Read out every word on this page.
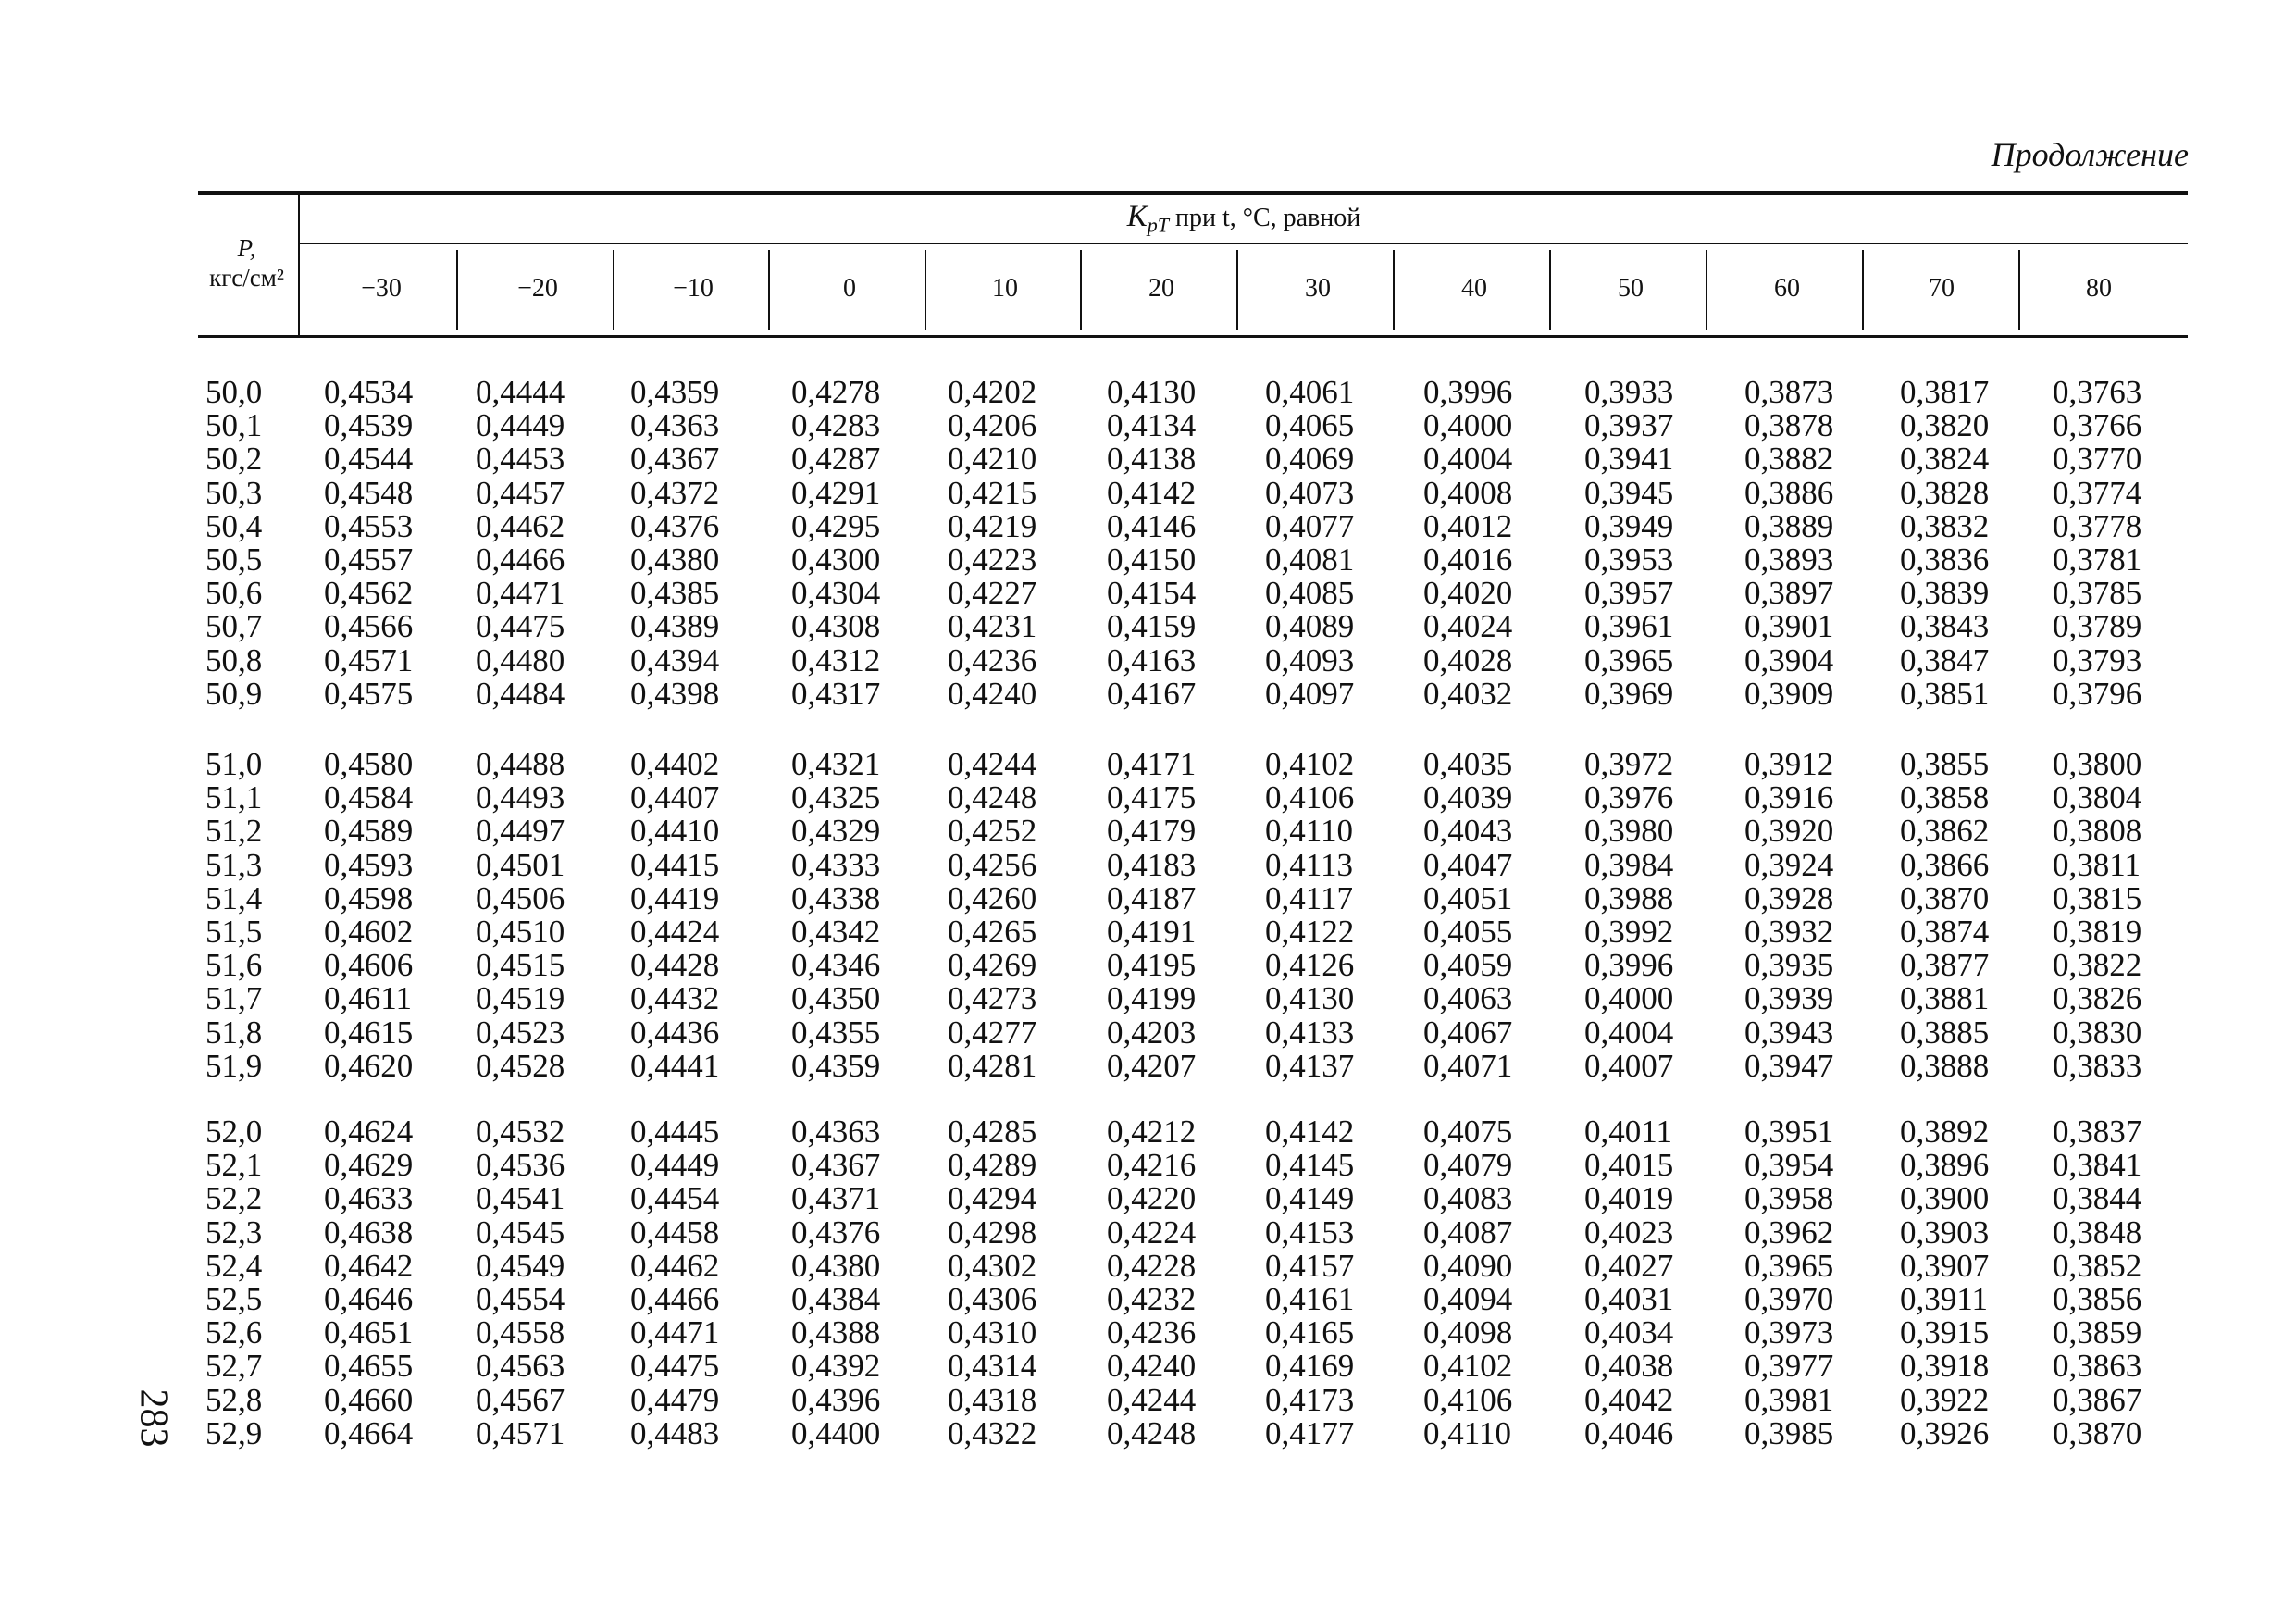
Продолжение
P,
кгс/см²
$K_{pT}$ при t, °C, равной
−30	−20	−10	0	10	20	30	40	50	60	70	80
50,0	0,4534	0,4444	0,4359	0,4278	0,4202	0,4130	0,4061	0,3996	0,3933	0,3873	0,3817	0,3763
50,1	0,4539	0,4449	0,4363	0,4283	0,4206	0,4134	0,4065	0,4000	0,3937	0,3878	0,3820	0,3766
50,2	0,4544	0,4453	0,4367	0,4287	0,4210	0,4138	0,4069	0,4004	0,3941	0,3882	0,3824	0,3770
50,3	0,4548	0,4457	0,4372	0,4291	0,4215	0,4142	0,4073	0,4008	0,3945	0,3886	0,3828	0,3774
50,4	0,4553	0,4462	0,4376	0,4295	0,4219	0,4146	0,4077	0,4012	0,3949	0,3889	0,3832	0,3778
50,5	0,4557	0,4466	0,4380	0,4300	0,4223	0,4150	0,4081	0,4016	0,3953	0,3893	0,3836	0,3781
50,6	0,4562	0,4471	0,4385	0,4304	0,4227	0,4154	0,4085	0,4020	0,3957	0,3897	0,3839	0,3785
50,7	0,4566	0,4475	0,4389	0,4308	0,4231	0,4159	0,4089	0,4024	0,3961	0,3901	0,3843	0,3789
50,8	0,4571	0,4480	0,4394	0,4312	0,4236	0,4163	0,4093	0,4028	0,3965	0,3904	0,3847	0,3793
50,9	0,4575	0,4484	0,4398	0,4317	0,4240	0,4167	0,4097	0,4032	0,3969	0,3909	0,3851	0,3796
51,0	0,4580	0,4488	0,4402	0,4321	0,4244	0,4171	0,4102	0,4035	0,3972	0,3912	0,3855	0,3800
51,1	0,4584	0,4493	0,4407	0,4325	0,4248	0,4175	0,4106	0,4039	0,3976	0,3916	0,3858	0,3804
51,2	0,4589	0,4497	0,4410	0,4329	0,4252	0,4179	0,4110	0,4043	0,3980	0,3920	0,3862	0,3808
51,3	0,4593	0,4501	0,4415	0,4333	0,4256	0,4183	0,4113	0,4047	0,3984	0,3924	0,3866	0,3811
51,4	0,4598	0,4506	0,4419	0,4338	0,4260	0,4187	0,4117	0,4051	0,3988	0,3928	0,3870	0,3815
51,5	0,4602	0,4510	0,4424	0,4342	0,4265	0,4191	0,4122	0,4055	0,3992	0,3932	0,3874	0,3819
51,6	0,4606	0,4515	0,4428	0,4346	0,4269	0,4195	0,4126	0,4059	0,3996	0,3935	0,3877	0,3822
51,7	0,4611	0,4519	0,4432	0,4350	0,4273	0,4199	0,4130	0,4063	0,4000	0,3939	0,3881	0,3826
51,8	0,4615	0,4523	0,4436	0,4355	0,4277	0,4203	0,4133	0,4067	0,4004	0,3943	0,3885	0,3830
51,9	0,4620	0,4528	0,4441	0,4359	0,4281	0,4207	0,4137	0,4071	0,4007	0,3947	0,3888	0,3833
52,0	0,4624	0,4532	0,4445	0,4363	0,4285	0,4212	0,4142	0,4075	0,4011	0,3951	0,3892	0,3837
52,1	0,4629	0,4536	0,4449	0,4367	0,4289	0,4216	0,4145	0,4079	0,4015	0,3954	0,3896	0,3841
52,2	0,4633	0,4541	0,4454	0,4371	0,4294	0,4220	0,4149	0,4083	0,4019	0,3958	0,3900	0,3844
52,3	0,4638	0,4545	0,4458	0,4376	0,4298	0,4224	0,4153	0,4087	0,4023	0,3962	0,3903	0,3848
52,4	0,4642	0,4549	0,4462	0,4380	0,4302	0,4228	0,4157	0,4090	0,4027	0,3965	0,3907	0,3852
52,5	0,4646	0,4554	0,4466	0,4384	0,4306	0,4232	0,4161	0,4094	0,4031	0,3970	0,3911	0,3856
52,6	0,4651	0,4558	0,4471	0,4388	0,4310	0,4236	0,4165	0,4098	0,4034	0,3973	0,3915	0,3859
52,7	0,4655	0,4563	0,4475	0,4392	0,4314	0,4240	0,4169	0,4102	0,4038	0,3977	0,3918	0,3863
52,8	0,4660	0,4567	0,4479	0,4396	0,4318	0,4244	0,4173	0,4106	0,4042	0,3981	0,3922	0,3867
52,9	0,4664	0,4571	0,4483	0,4400	0,4322	0,4248	0,4177	0,4110	0,4046	0,3985	0,3926	0,3870
283
